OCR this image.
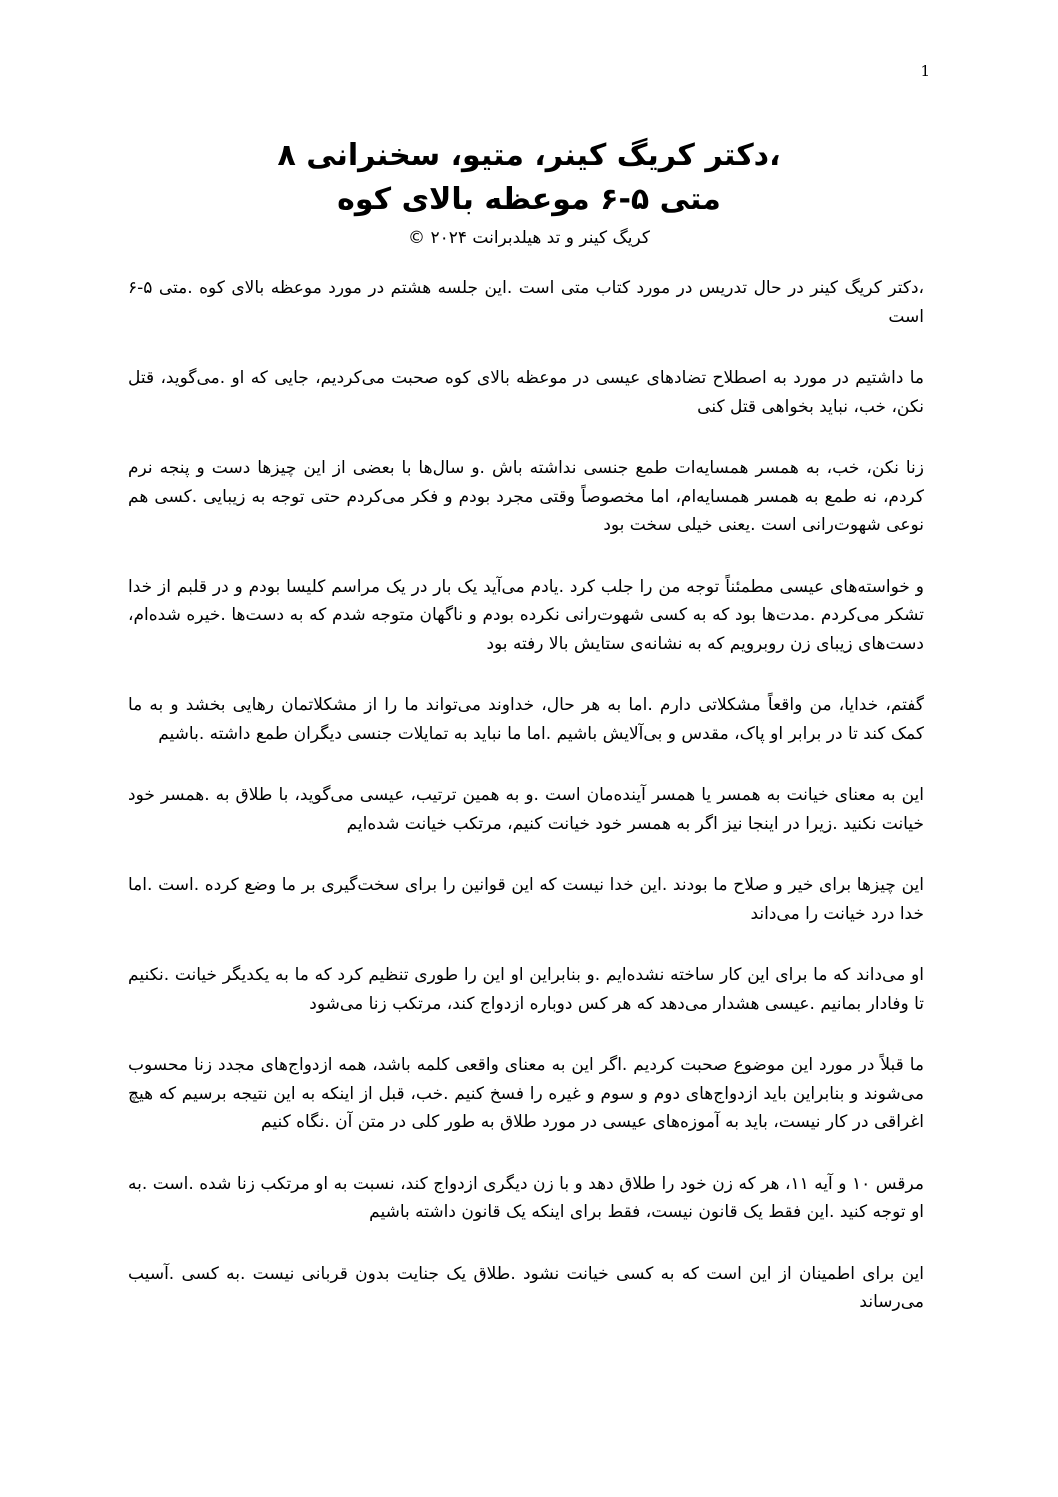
1

،دکتر کریگ کینر، متیو، سخنرانی ۸

متی ۵-۶ موعظه بالای کوه

کریگ کینر و تد هیلدبرانت ۲۰۲۴ ©

،دکتر کریگ کینر در حال تدریس در مورد کتاب متی است .این جلسه هشتم در مورد موعظه بالای کوه .متی ۵-۶ است

ما داشتیم در مورد به اصطلاح تضادهای عیسی در موعظه بالای کوه صحبت می‌کردیم، جایی که او .می‌گوید، قتل نکن، خب، نباید بخواهی قتل کنی

زنا نکن، خب، به همسر همسایه‌ات طمع جنسی نداشته باش .و سال‌ها با بعضی از این چیزها دست و پنجه نرم کردم، نه طمع به همسر همسایه‌ام، اما مخصوصاً وقتی مجرد بودم و فکر می‌کردم حتی توجه به زیبایی .کسی هم نوعی شهوت‌رانی است .یعنی خیلی سخت بود

و خواسته‌های عیسی مطمئناً توجه من را جلب کرد .یادم می‌آید یک بار در یک مراسم کلیسا بودم و در قلبم از خدا تشکر می‌کردم .مدت‌ها بود که به کسی شهوت‌رانی نکرده بودم و ناگهان متوجه شدم که به دست‌ها .خیره شده‌ام، دست‌های زیبای زن روبرویم که به نشانه‌ی ستایش بالا رفته بود

گفتم، خدایا، من واقعاً مشکلاتی دارم .اما به هر حال، خداوند می‌تواند ما را از مشکلاتمان رهایی بخشد و به ما کمک کند تا در برابر او پاک، مقدس و بی‌آلایش باشیم .اما ما نباید به تمایلات جنسی دیگران طمع داشته .باشیم

این به معنای خیانت به همسر یا همسر آینده‌مان است .و به همین ترتیب، عیسی می‌گوید، با طلاق به .همسر خود خیانت نکنید .زیرا در اینجا نیز اگر به همسر خود خیانت کنیم، مرتکب خیانت شده‌ایم

این چیزها برای خیر و صلاح ما بودند .این خدا نیست که این قوانین را برای سخت‌گیری بر ما وضع کرده .است .اما خدا درد خیانت را می‌داند

او می‌داند که ما برای این کار ساخته نشده‌ایم .و بنابراین او این را طوری تنظیم کرد که ما به یکدیگر خیانت .نکنیم تا وفادار بمانیم .عیسی هشدار می‌دهد که هر کس دوباره ازدواج کند، مرتکب زنا می‌شود

ما قبلاً در مورد این موضوع صحبت کردیم .اگر این به معنای واقعی کلمه باشد، همه ازدواج‌های مجدد زنا محسوب می‌شوند و بنابراین باید ازدواج‌های دوم و سوم و غیره را فسخ کنیم .خب، قبل از اینکه به این نتیجه برسیم که هیچ اغراقی در کار نیست، باید به آموزه‌های عیسی در مورد طلاق به طور کلی در متن آن .نگاه کنیم

مرقس ۱۰ و آیه ۱۱، هر که زن خود را طلاق دهد و با زن دیگری ازدواج کند، نسبت به او مرتکب زنا شده .است .به او توجه کنید .این فقط یک قانون نیست، فقط برای اینکه یک قانون داشته باشیم

این برای اطمینان از این است که به کسی خیانت نشود .طلاق یک جنایت بدون قربانی نیست .به کسی .آسیب می‌رساند
